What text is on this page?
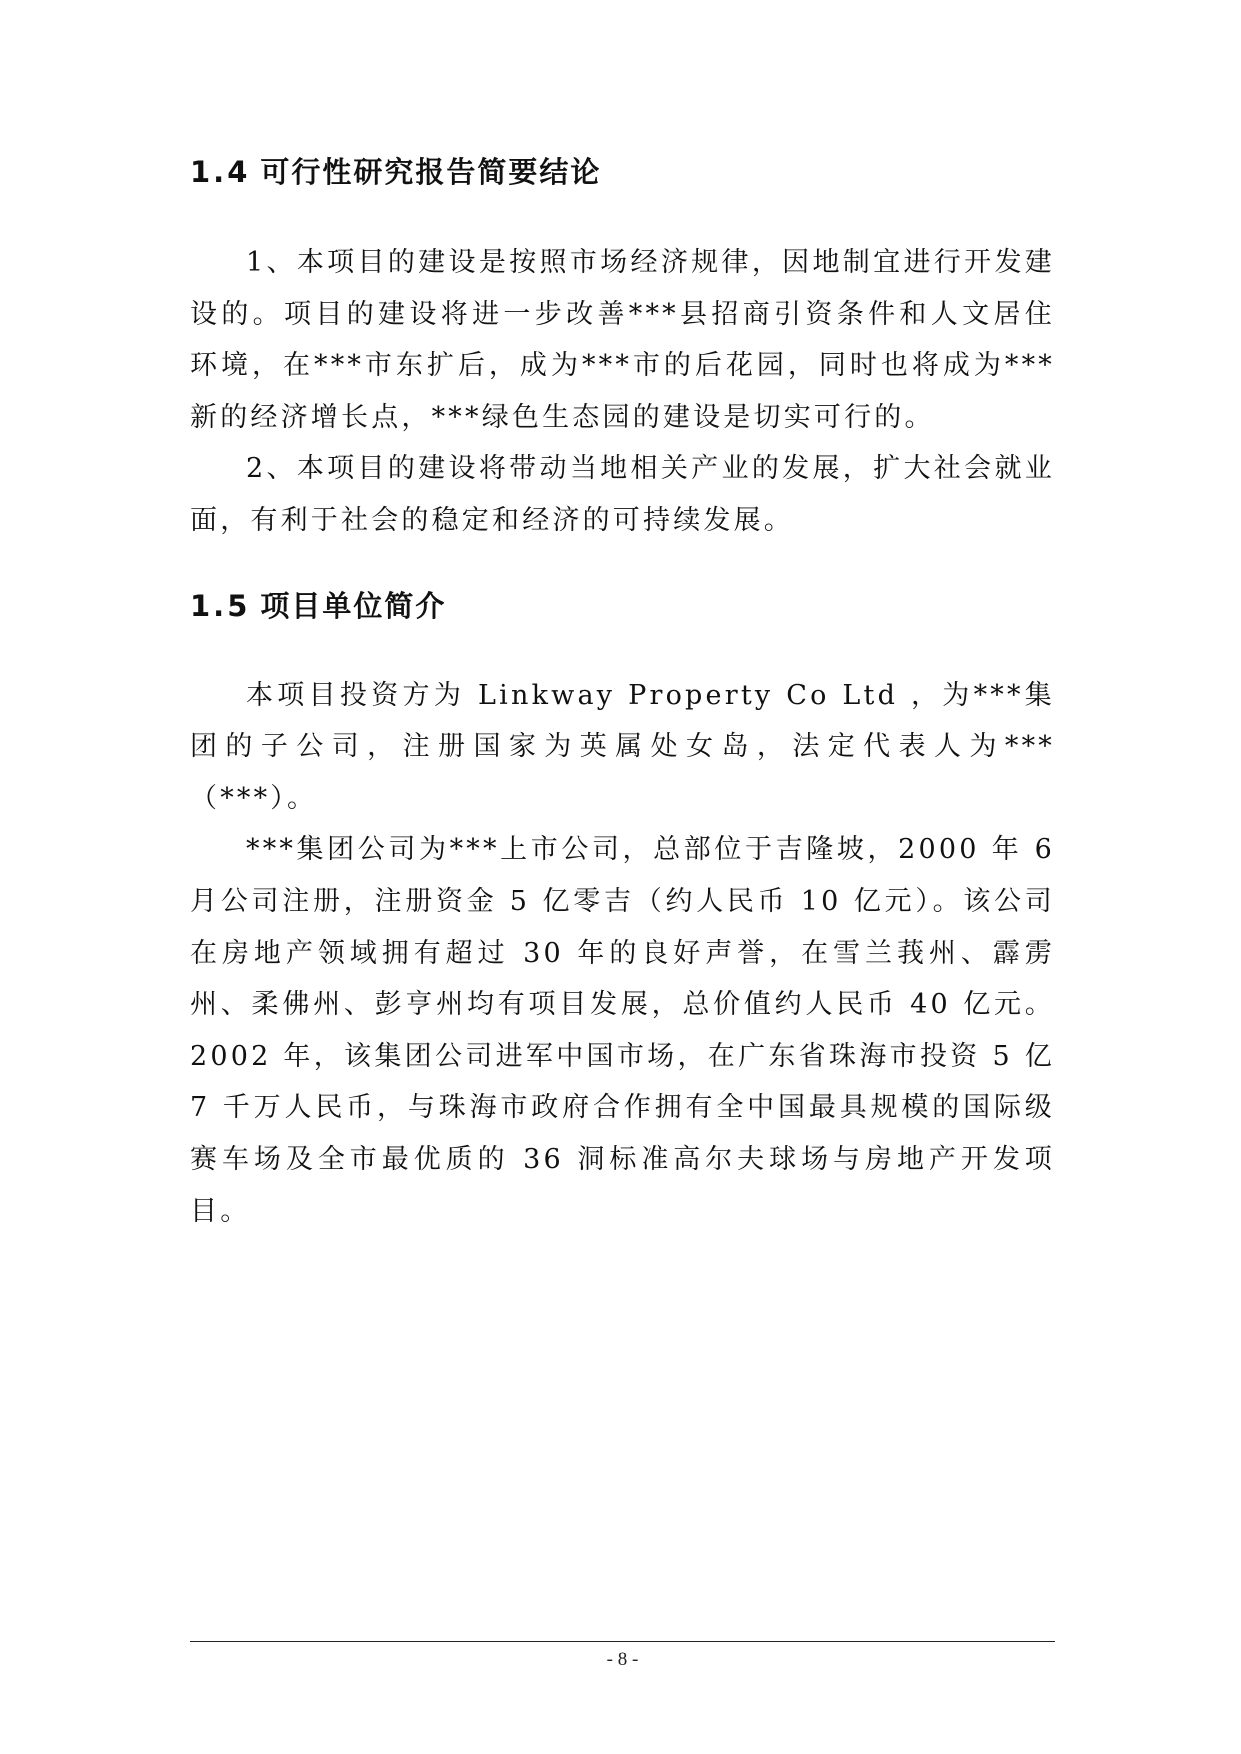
1.4 可行性研究报告简要结论

1、本项目的建设是按照市场经济规律，因地制宜进行开发建设的。项目的建设将进一步改善***县招商引资条件和人文居住环境，在***市东扩后，成为***市的后花园，同时也将成为***新的经济增长点，***绿色生态园的建设是切实可行的。

2、本项目的建设将带动当地相关产业的发展，扩大社会就业面，有利于社会的稳定和经济的可持续发展。

1.5 项目单位简介

本项目投资方为 Linkway Property Co Ltd ，为***集团的子公司，注册国家为英属处女岛，法定代表人为***（***）。

***集团公司为***上市公司，总部位于吉隆坡，2000 年 6 月公司注册，注册资金 5 亿零吉（约人民币 10 亿元）。该公司在房地产领域拥有超过 30 年的良好声誉，在雪兰莪州、霹雳州、柔佛州、彭亨州均有项目发展，总价值约人民币 40 亿元。2002 年，该集团公司进军中国市场，在广东省珠海市投资 5 亿 7 千万人民币，与珠海市政府合作拥有全中国最具规模的国际级赛车场及全市最优质的 36 洞标准高尔夫球场与房地产开发项目。

- 8 -
